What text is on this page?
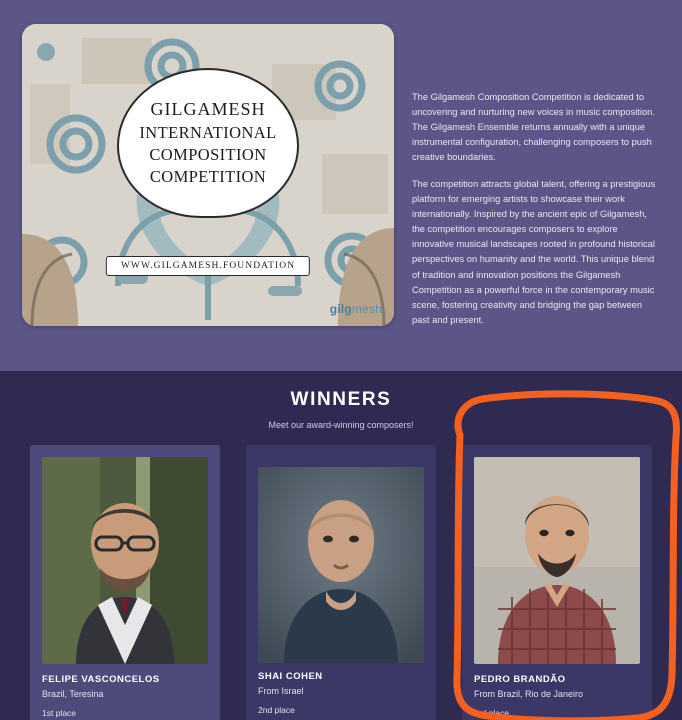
GILGAMESH
INTERNATIONAL
COMPOSITION
COMPETITION
WWW.GILGAMESH.FOUNDATION
gilgmesh

The Gilgamesh Composition Competition is dedicated to uncovering and nurturing new voices in music composition. The Gilgamesh Ensemble returns annually with a unique instrumental configuration, challenging composers to push creative boundaries.

The competition attracts global talent, offering a prestigious platform for emerging artists to showcase their work internationally. Inspired by the ancient epic of Gilgamesh, the competition encourages composers to explore innovative musical landscapes rooted in profound historical perspectives on humanity and the world. This unique blend of tradition and innovation positions the Gilgamesh Competition as a powerful force in the contemporary music scene, fostering creativity and bridging the gap between past and present.

WINNERS

Meet our award-winning composers!

FELIPE VASCONCELOS
Brazil, Teresina
1st place
SHAI COHEN
From Israel
2nd place
PEDRO BRANDÃO
From Brazil, Rio de Janeiro
3rd place
